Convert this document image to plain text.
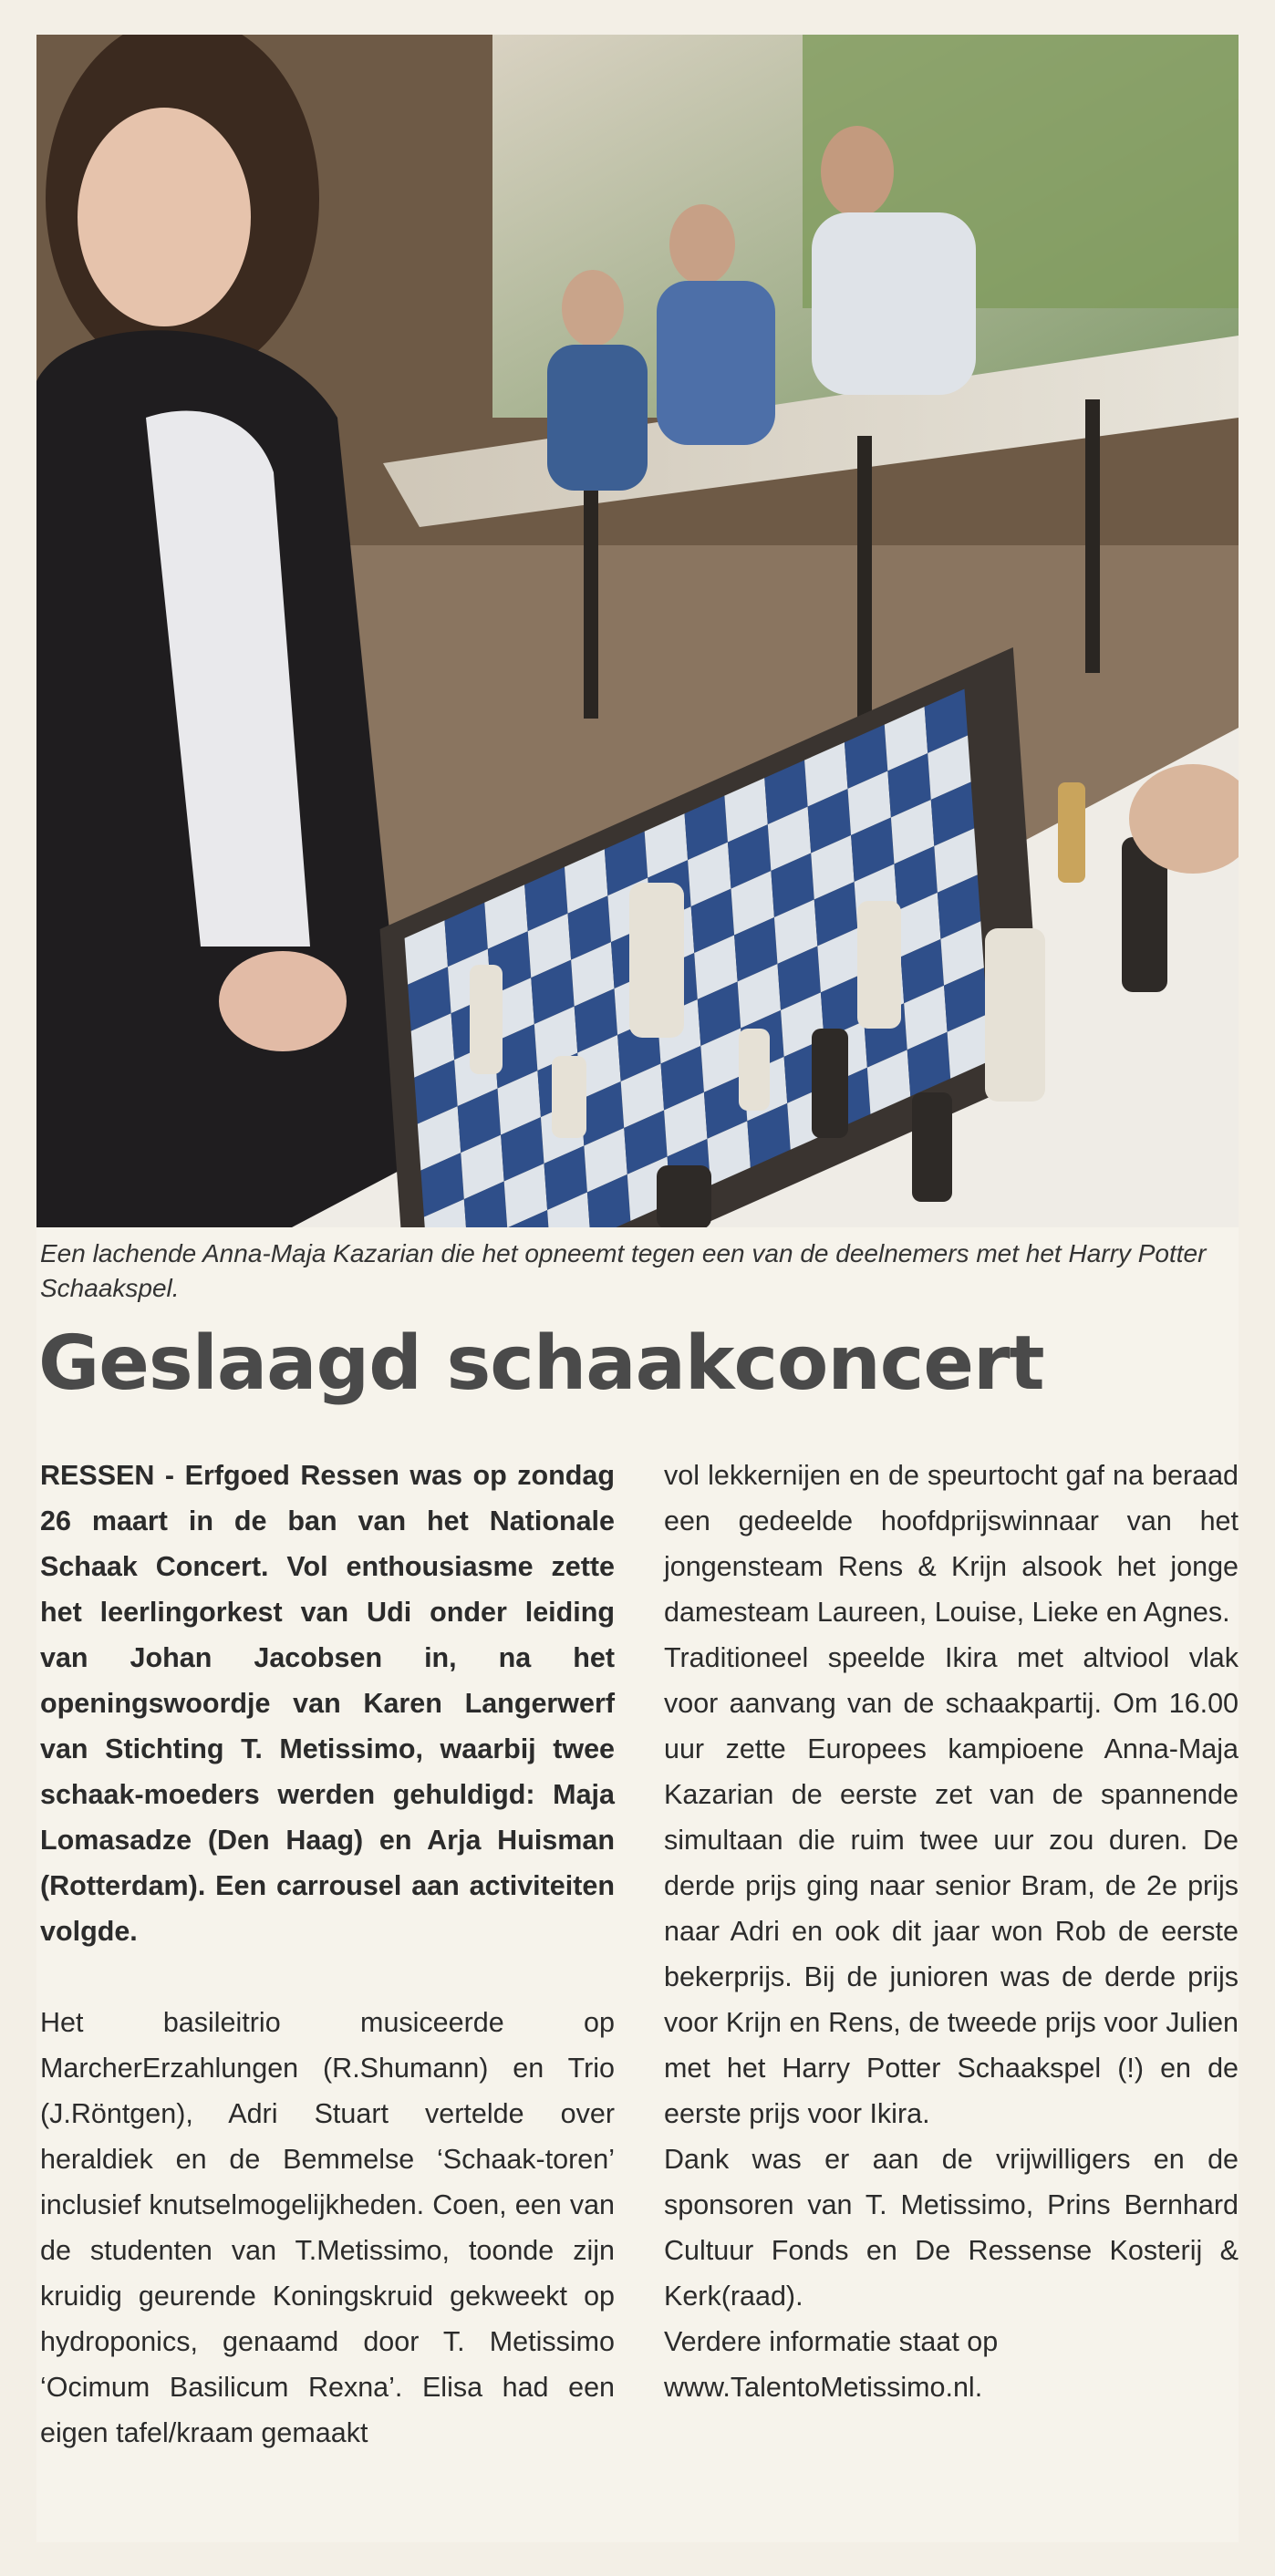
Een lachende Anna-Maja Kazarian die het opneemt tegen een van de deelnemers met het Harry Potter Schaakspel.
Geslaagd schaakconcert

RESSEN - Erfgoed Ressen was op zondag 26 maart in de ban van het Nationale Schaak Concert. Vol enthousiasme zette het leerlingorkest van Udi onder leiding van Johan Jacobsen in, na het openingswoordje van Karen Langerwerf van Stichting T. Metissimo, waarbij twee schaak-moeders werden gehuldigd: Maja Lomasadze (Den Haag) en Arja Huisman (Rotterdam). Een carrousel aan activiteiten volgde.

Het basileitrio musiceerde op MarcherErzahlungen (R.Shumann) en Trio (J.Röntgen), Adri Stuart vertelde over heraldiek en de Bemmelse ‘Schaak-toren’ inclusief knutselmogelijkheden. Coen, een van de studenten van T.Metissimo, toonde zijn kruidig geurende Koningskruid gekweekt op hydroponics, genaamd door T. Metissimo ‘Ocimum Basilicum Rexna’. Elisa had een eigen tafel/kraam gemaakt

vol lekkernijen en de speurtocht gaf na beraad een gedeelde hoofdprijswinnaar van het jongensteam Rens & Krijn alsook het jonge damesteam Laureen, Louise, Lieke en Agnes.

Traditioneel speelde Ikira met altviool vlak voor aanvang van de schaakpartij. Om 16.00 uur zette Europees kampioene Anna-Maja Kazarian de eerste zet van de spannende simultaan die ruim twee uur zou duren. De derde prijs ging naar senior Bram, de 2e prijs naar Adri en ook dit jaar won Rob de eerste bekerprijs. Bij de junioren was de derde prijs voor Krijn en Rens, de tweede prijs voor Julien met het Harry Potter Schaakspel (!) en de eerste prijs voor Ikira.

Dank was er aan de vrijwilligers en de sponsoren van T. Metissimo, Prins Bernhard Cultuur Fonds en De Ressense Kosterij & Kerk(raad).

Verdere informatie staat op

www.TalentoMetissimo.nl.
